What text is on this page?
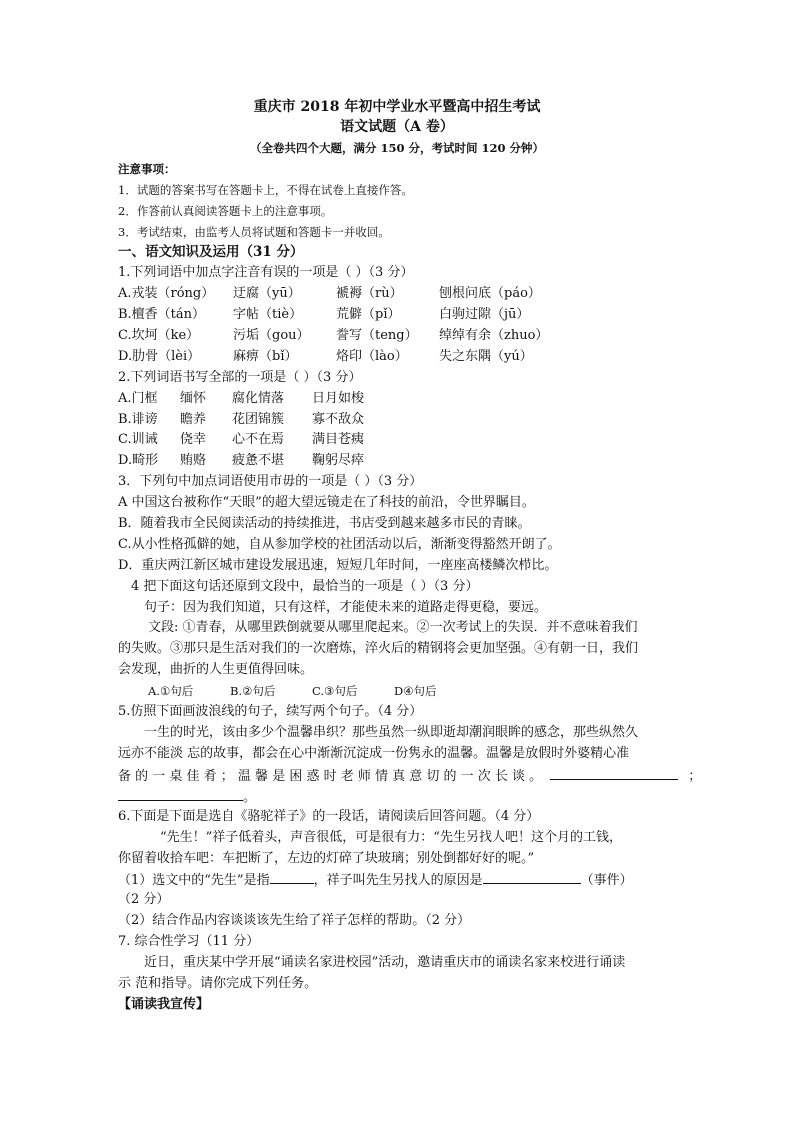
重庆市 2018 年初中学业水平暨高中招生考试
语文试题（A 卷）
（全卷共四个大题，满分 150 分，考试时间 120 分钟）
注意事项：
1．试题的答案书写在答题卡上，不得在试卷上直接作答。
2．作答前认真阅读答题卡上的注意事项。
3．考试结束，由监考人员将试题和答题卡一并收回。
一、语文知识及运用（31 分）
1.下列词语中加点字注音有误的一项是（ ）（3 分）
A.戎装（róng） 迂腐（yū）	褫褥（rù）	刨根问底（páo）
B.檀香（tán） 字帖（tiè）	荒僻（pǐ）	白驹过隙（jū）
C.坎坷（ke）	污垢（gou） 誊写（teng） 绰绰有余（zhuo）
D.肋骨（lèi）	麻痹（bǐ）	烙印（lào） 失之东隅（yú）
2.下列词语书写全部的一项是（ ）（3 分）
A.门框 缅怀 腐化情落 日月如梭
B.诽谤 瞻养 花团锦簇 寡不敌众
C.训诫 侥幸 心不在焉 满目苍痍
D.畸形 贿赂 疲惫不堪 鞠躬尽瘁
3．下列句中加点词语使用市毋的一项是（ ）（3 分）
A 中国这台被称作“天眼”的超大望远镜走在了科技的前沿，令世界瞩目。
B．随着我市全民阅读活动的持续推进，书店受到越来越多市民的青睐。
C.从小性格孤僻的她，自从参加学校的社团活动以后，渐渐变得豁然开朗了。
D．重庆两江新区城市建设发展迅速，短短几年时间，一座座高楼鳞次栉比。
4 把下面这句话还原到文段中，最恰当的一项是（ ）（3 分）
句子：因为我们知道，只有这样，才能使未来的道路走得更稳，要远。
文段: ①青春，从哪里跌倒就要从哪里爬起来。②一次考试上的失误．并不意味着我们
的失败。③那只是生活对我们的一次磨炼，淬火后的精钢将会更加坚强。④有朝一日，我们
会发现，曲折的人生更值得回味。
A.①句后	B.②句后	C.③句后	D④句后
5.仿照下面画波浪线的句子，续写两个句子。（4 分）
一生的时光，该由多少个温馨串织？那些虽然一纵即逝却潮润眼眸的感念，那些纵然久
远亦不能淡 忘的故事，都会在心中渐渐沉淀成一份隽永的温馨。温馨是放假时外婆精心准
备 的 一 桌 佳 肴 ； 温 馨 是 困 惑 时 老 师 情 真 意 切 的 一 次 长 谈 。	；
。
6.下面是下面是选自《骆驼祥子》的一段话，请阅读后回答问题。（4 分）
“先生！”祥子低着头，声音很低，可是很有力：“先生另找人吧！这个月的工钱，
你留着收拾车吧：车把断了，左边的灯碎了块玻璃；别处倒都好好的呢。”
（1）选文中的“先生”是指	，祥子叫先生另找人的原因是	（事件）
（2 分）
（2）结合作品内容谈谈该先生给了祥子怎样的帮助。（2 分）
7. 综合性学习（11 分）
近日，重庆某中学开展“诵读名家进校园”活动，邀请重庆市的诵读名家来校进行诵读
示 范和指导。请你完成下列任务。
【诵读我宣传】
